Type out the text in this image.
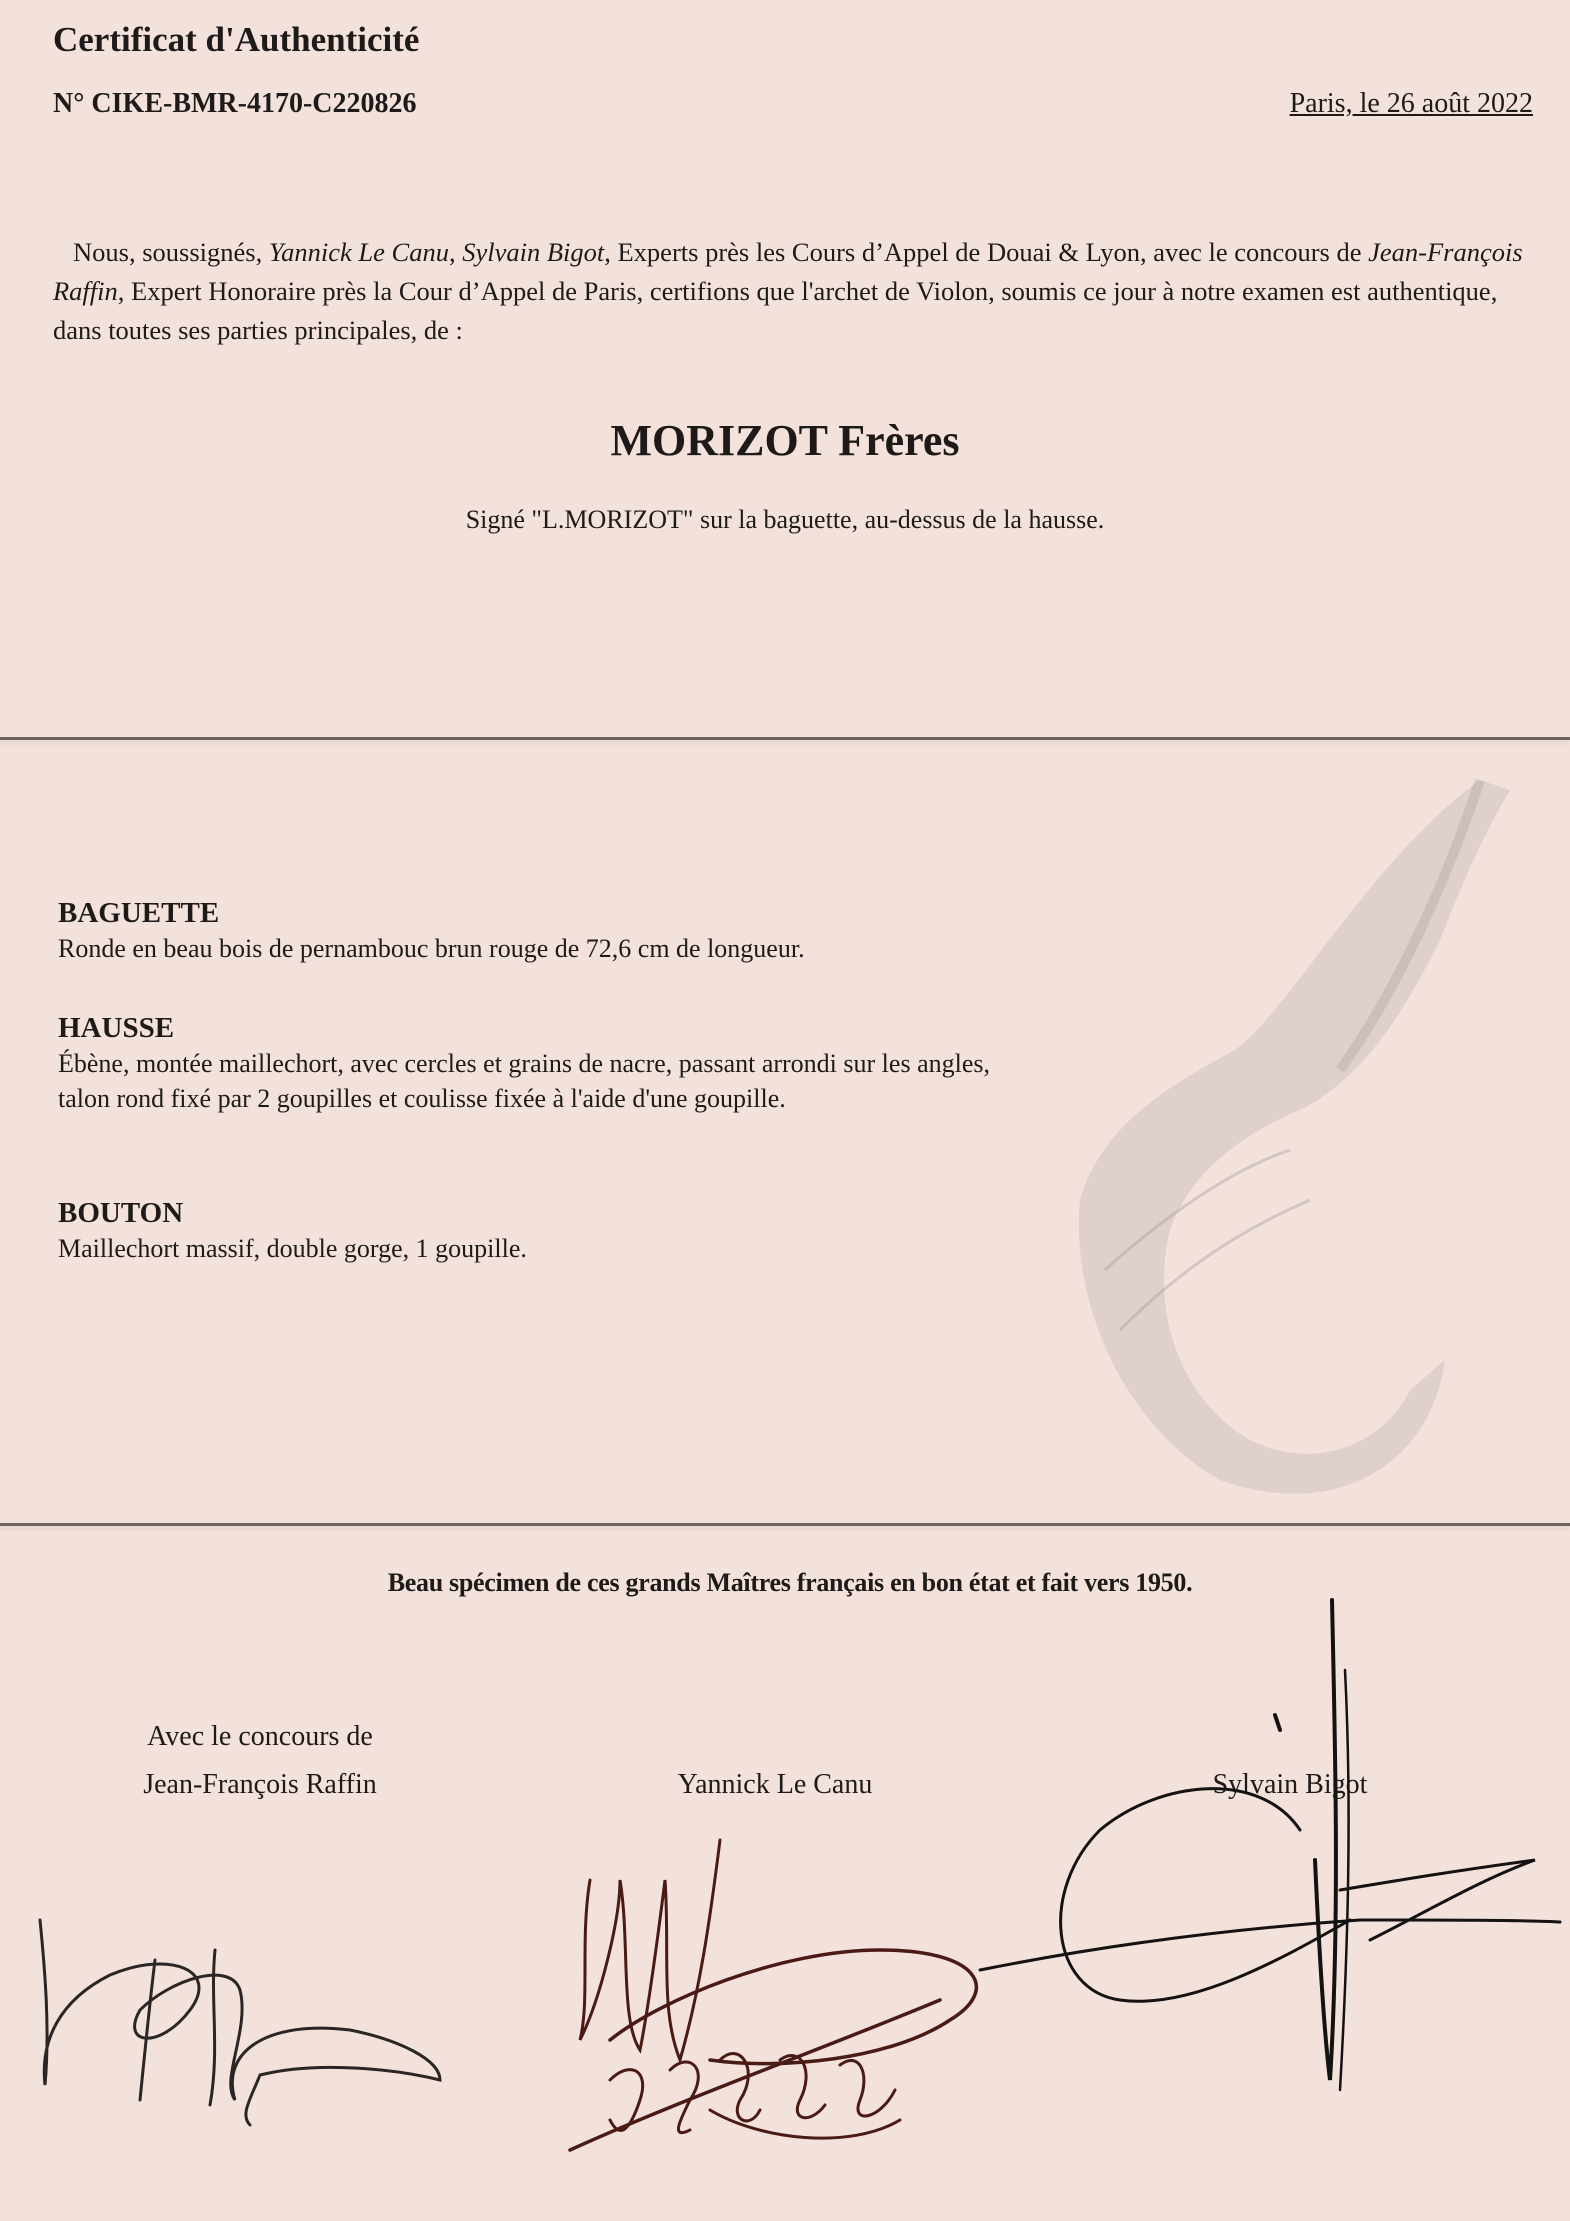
Certificat d'Authenticité
N° CIKE-BMR-4170-C220826	Paris, le 26 août 2022
Nous, soussignés, Yannick Le Canu, Sylvain Bigot, Experts près les Cours d’Appel de Douai & Lyon, avec le concours de Jean-François Raffin, Expert Honoraire près la Cour d’Appel de Paris, certifions que l'archet de Violon, soumis ce jour à notre examen est authentique, dans toutes ses parties principales, de :
MORIZOT Frères
Signé "L.MORIZOT" sur la baguette, au-dessus de la hausse.
BAGUETTE
Ronde en beau bois de pernambouc brun rouge de 72,6 cm de longueur.
HAUSSE
Ébène, montée maillechort, avec cercles et grains de nacre, passant arrondi sur les angles, talon rond fixé par 2 goupilles et coulisse fixée à l'aide d'une goupille.
BOUTON
Maillechort massif, double gorge, 1 goupille.
Beau spécimen de ces grands Maîtres français en bon état et fait vers 1950.
Avec le concours de
Jean-François Raffin	Yannick Le Canu	Sylvain Bigot
